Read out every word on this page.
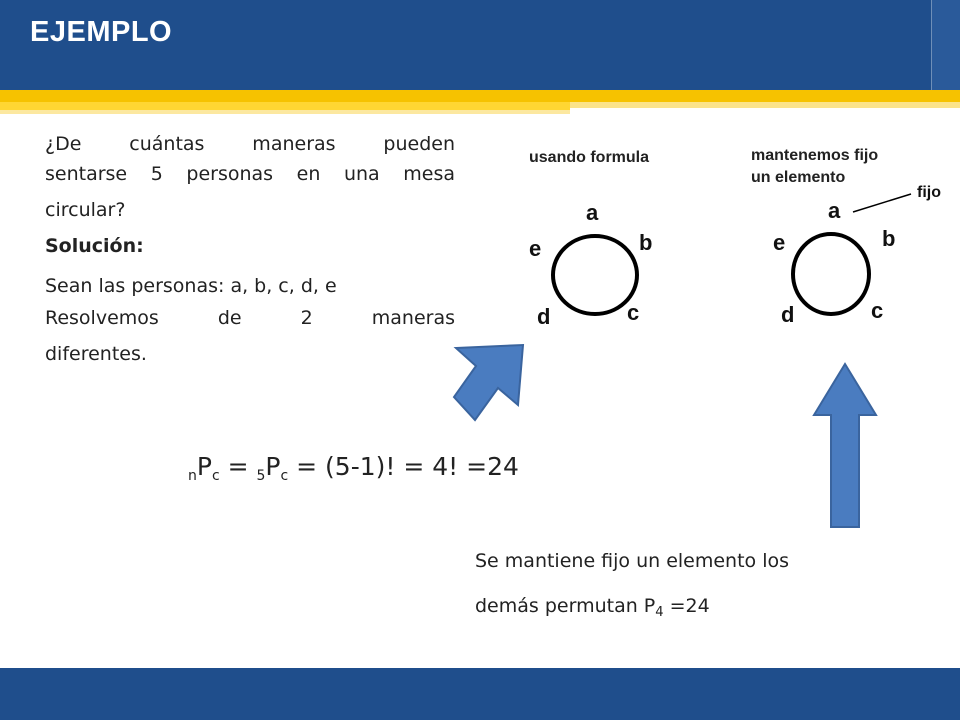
EJEMPLO
¿De cuántas maneras pueden
sentarse 5 personas en una mesa
circular?
Solución:
Sean las personas: a, b, c, d, e
Resolvemos de 2 maneras
diferentes.
usando formula
a
b
c
d
e
mantenemos fijo
un elemento
fijo
a
b
c
d
e
$_nP_c = _5P_c = (5-1)$! = 4! =24
Se mantiene fijo un elemento los
demás permutan $P_4 =24$
